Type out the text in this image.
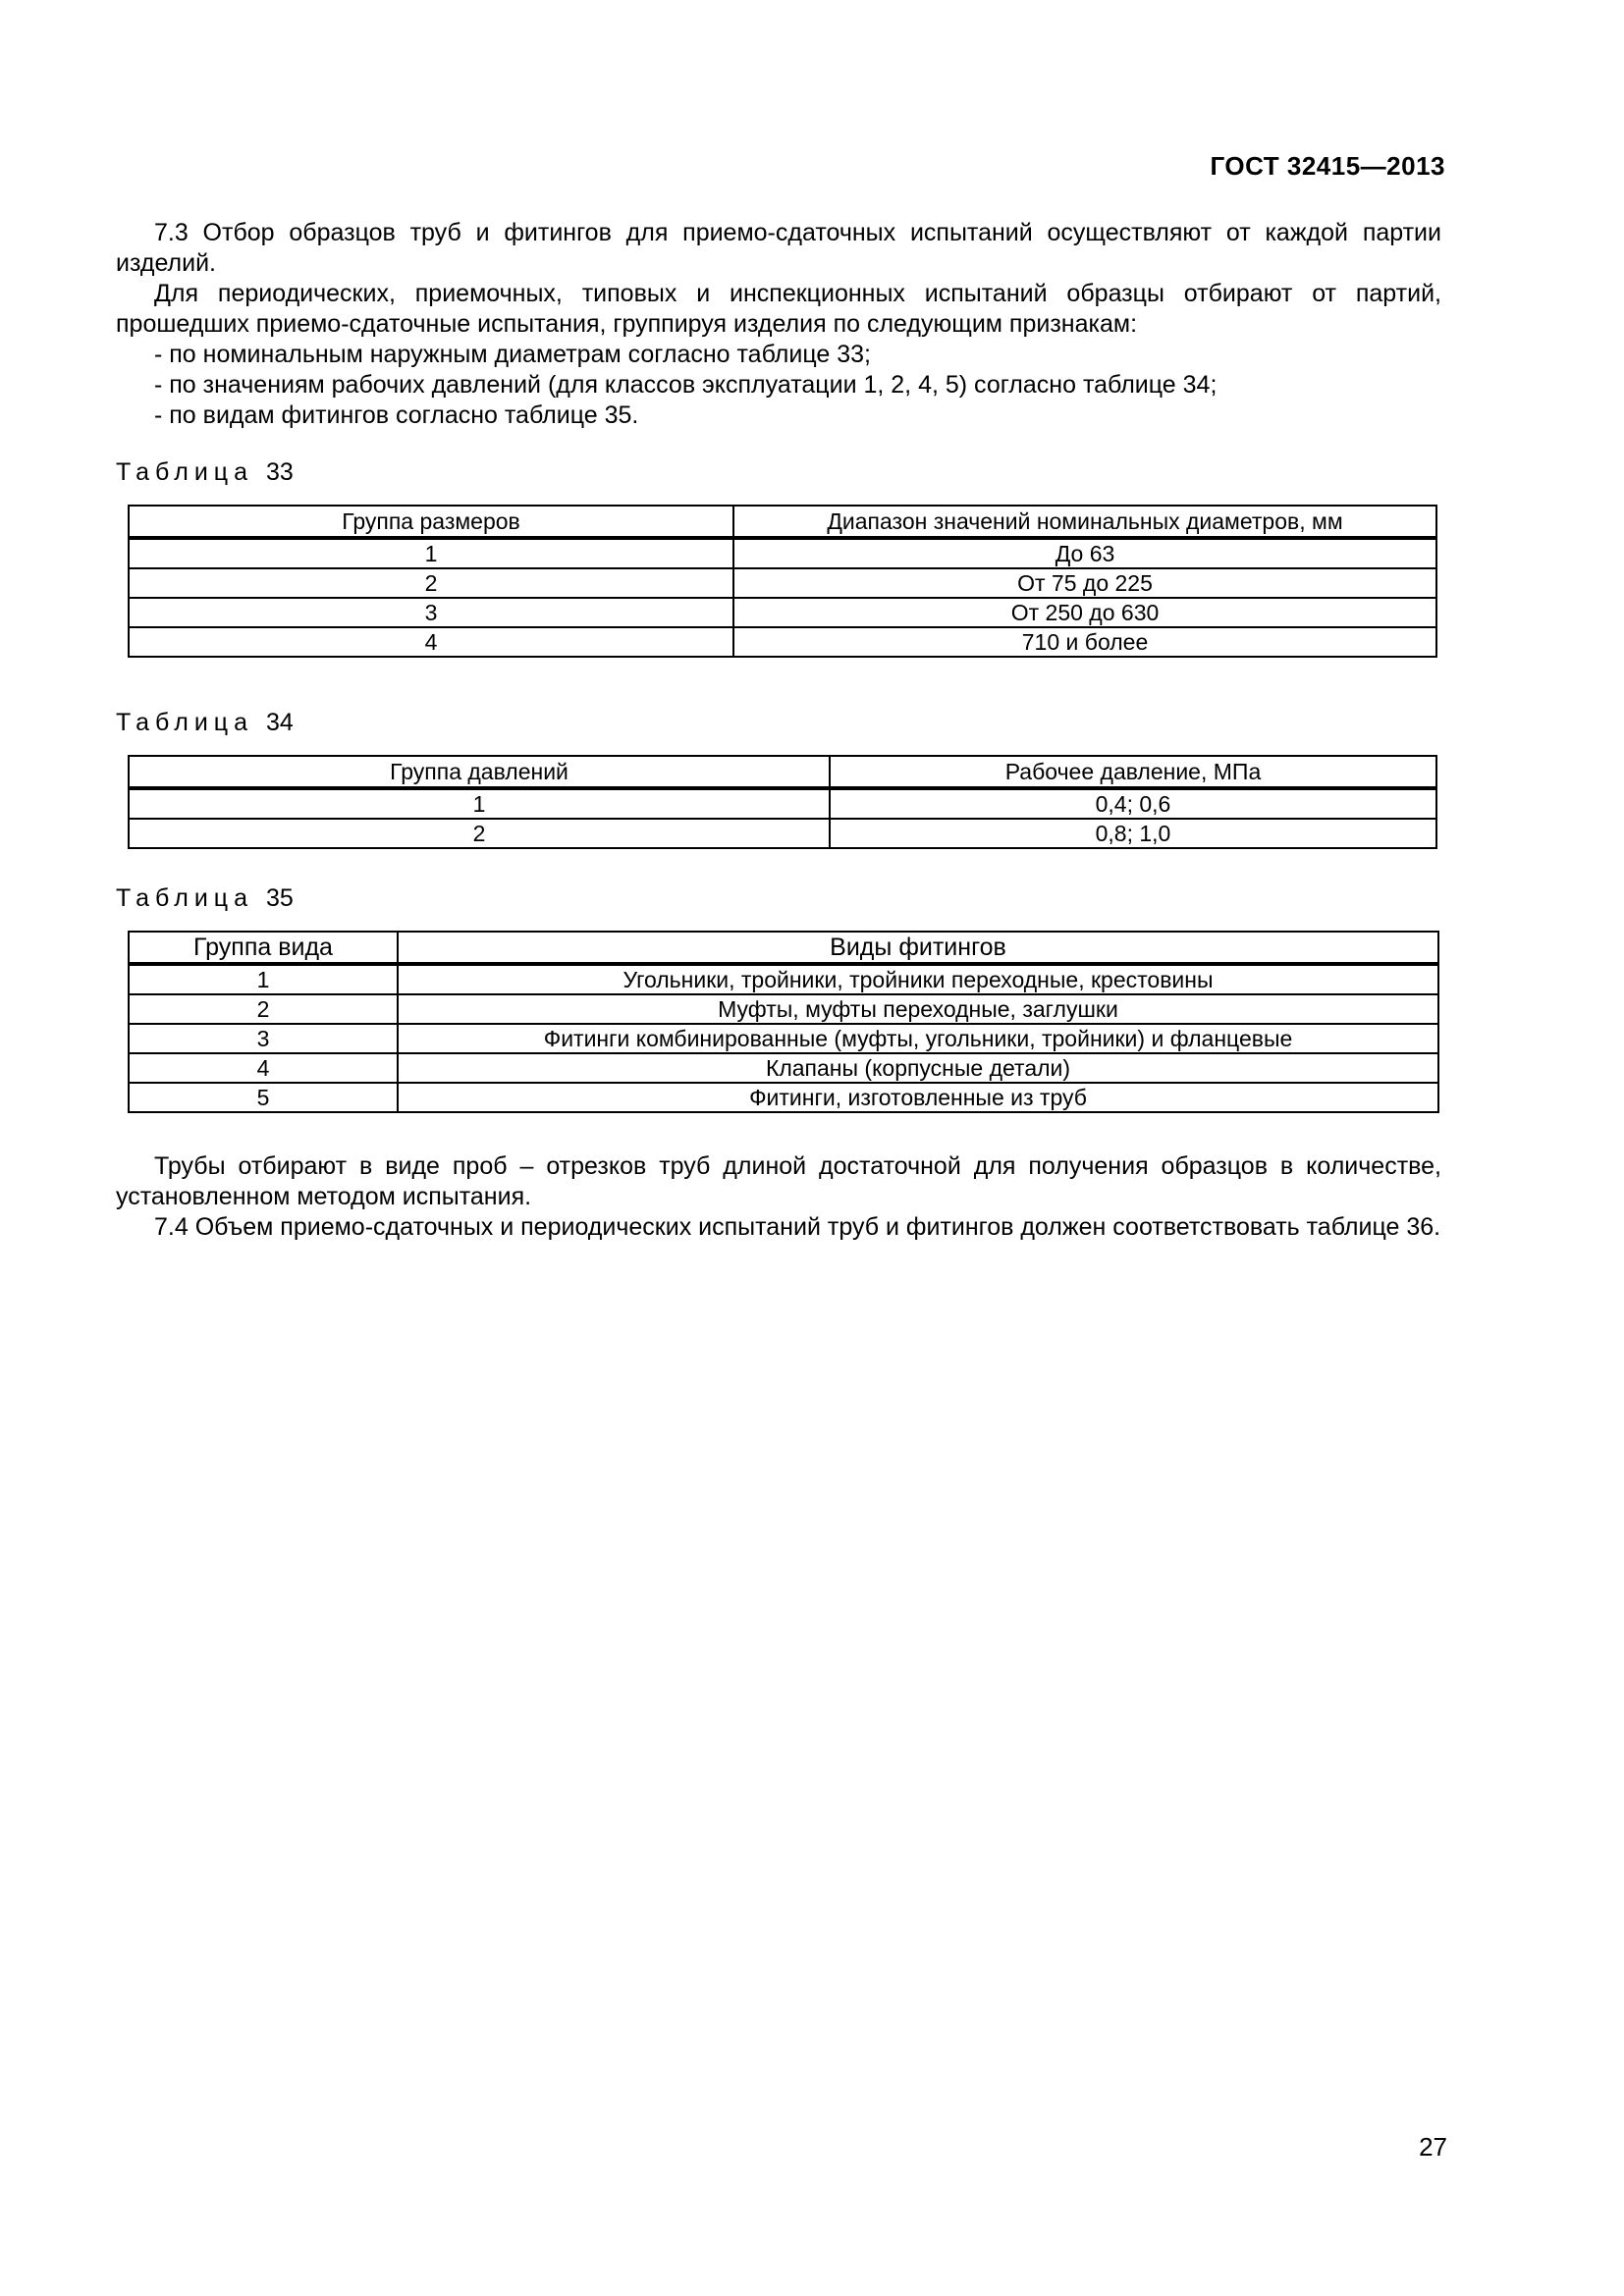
ГОСТ 32415—2013

7.3 Отбор образцов труб и фитингов для приемо-сдаточных испытаний осуществляют от каждой партии изделий.

Для периодических, приемочных, типовых и инспекционных испытаний образцы отбирают от партий, прошедших приемо-сдаточные испытания, группируя изделия по следующим признакам:

- по номинальным наружным диаметрам согласно таблице 33;

- по значениям рабочих давлений (для классов эксплуатации 1, 2, 4, 5) согласно таблице 34;

- по видам фитингов согласно таблице 35.

Таблица 33
Группа размеров	Диапазон значений номинальных диаметров, мм
1	До 63
2	От 75 до 225
3	От 250 до 630
4	710 и более
Таблица 34
Группа давлений	Рабочее давление, МПа
1	0,4; 0,6
2	0,8; 1,0
Таблица 35
Группа вида	Виды фитингов
1	Угольники, тройники, тройники переходные, крестовины
2	Муфты, муфты переходные, заглушки
3	Фитинги комбинированные (муфты, угольники, тройники) и фланцевые
4	Клапаны (корпусные детали)
5	Фитинги, изготовленные из труб

Трубы отбирают в виде проб – отрезков труб длиной достаточной для получения образцов в количестве, установленном методом испытания.

7.4 Объем приемо-сдаточных и периодических испытаний труб и фитингов должен соответствовать таблице 36.

27
